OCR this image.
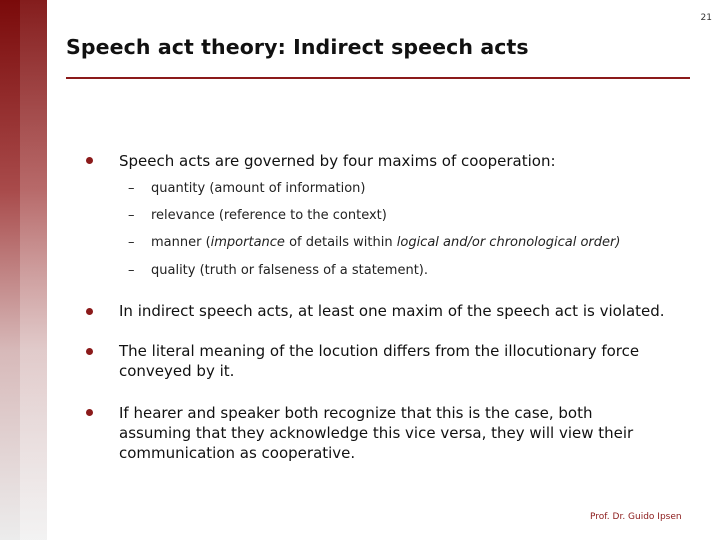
21
Speech act theory: Indirect speech acts

Speech acts are governed by four maxims of cooperation:

– quantity (amount of information)
– relevance (reference to the context)
– manner (importance of details within logical and/or chronological order)
– quality (truth or falseness of a statement).

In indirect speech acts, at least one maxim of the speech act is violated.

The literal meaning of the locution differs from the illocutionary force conveyed by it.

If hearer and speaker both recognize that this is the case, both assuming that they acknowledge this vice versa, they will view their communication as cooperative.

Prof. Dr. Guido Ipsen
